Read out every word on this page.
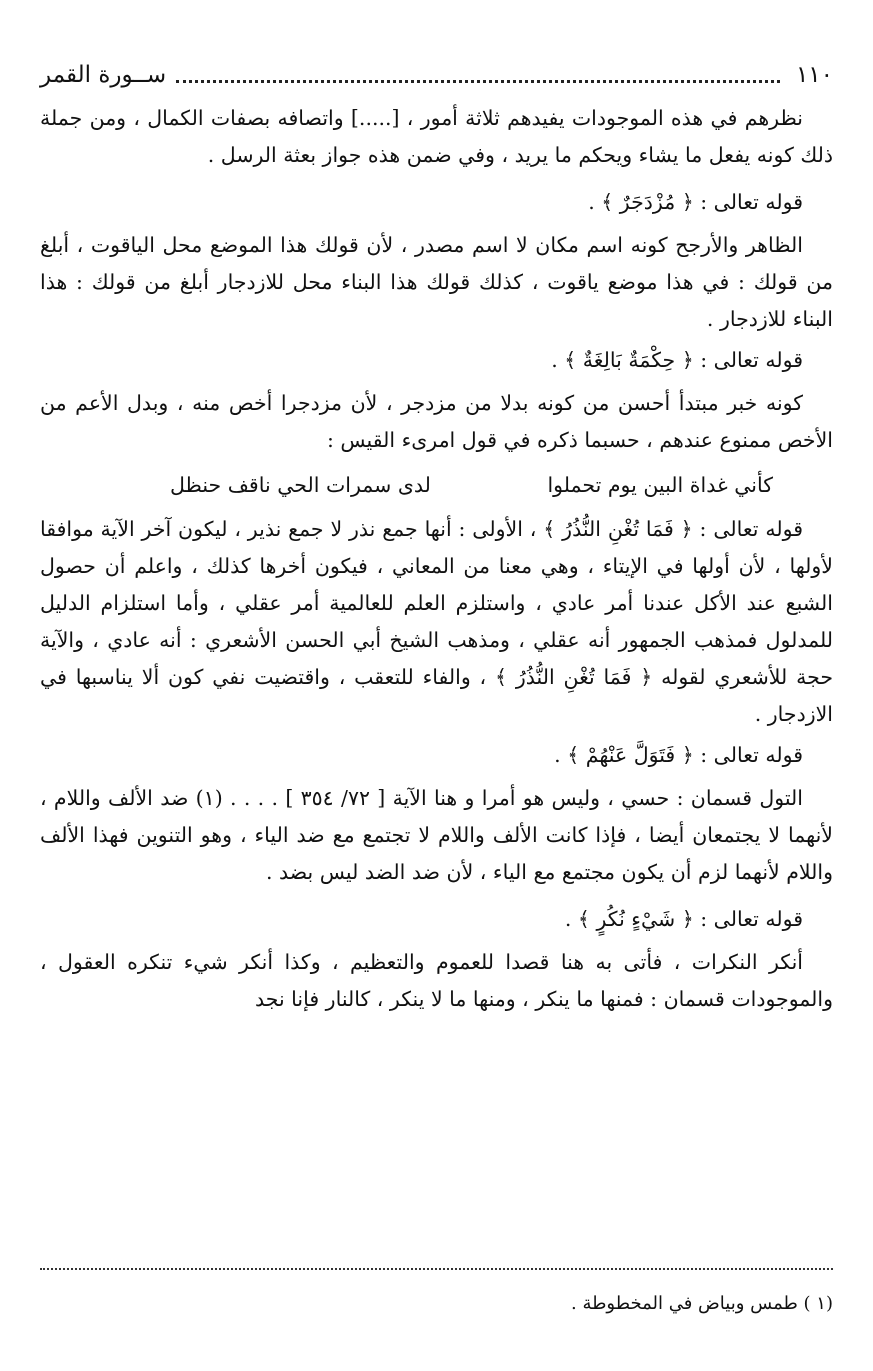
١١٠
ســورة القمر

نظرهم في هذه الموجودات يفيدهم ثلاثة أمور ، [.....] واتصافه بصفات الكمال ، ومن جملة ذلك كونه يفعل ما يشاء ويحكم ما يريد ، وفي ضمن هذه جواز بعثة الرسل .

قوله تعالى : ﴿ مُزْدَجَرٌ ﴾ .

الظاهر والأرجح كونه اسم مكان لا اسم مصدر ، لأن قولك هذا الموضع محل الياقوت ، أبلغ من قولك : في هذا موضع ياقوت ، كذلك قولك هذا البناء محل للازدجار أبلغ من قولك : هذا البناء للازدجار .

قوله تعالى : ﴿ حِكْمَةٌ بَالِغَةٌ ﴾ .

كونه خبر مبتدأ أحسن من كونه بدلا من مزدجر ، لأن مزدجرا أخص منه ، وبدل الأعم من الأخص ممنوع عندهم ، حسبما ذكره في قول امرىء القيس :

كأني غداة البين يوم تحملوا
لدى سمرات الحي ناقف حنظل

قوله تعالى : ﴿ فَمَا تُغْنِ النُّذُرُ ﴾ ، الأولى : أنها جمع نذر لا جمع نذير ، ليكون آخر الآية موافقا لأولها ، لأن أولها في الإيتاء ، وهي معنا من المعاني ، فيكون أخرها كذلك ، واعلم أن حصول الشبع عند الأكل عندنا أمر عادي ، واستلزم العلم للعالمية أمر عقلي ، وأما استلزام الدليل للمدلول فمذهب الجمهور أنه عقلي ، ومذهب الشيخ أبي الحسن الأشعري : أنه عادي ، والآية حجة للأشعري لقوله ﴿ فَمَا تُغْنِ النُّذُرُ ﴾ ، والفاء للتعقب ، واقتضيت نفي كون ألا يناسبها في الازدجار .

قوله تعالى : ﴿ فَتَوَلَّ عَنْهُمْ ﴾ .

التول قسمان : حسي ، وليس هو أمرا و هنا الآية [ ٧٢/ ٣٥٤ ] . . . . (١) ضد الألف واللام ، لأنهما لا يجتمعان أيضا ، فإذا كانت الألف واللام لا تجتمع مع ضد الياء ، وهو التنوين فهذا الألف واللام لأنهما لزم أن يكون مجتمع مع الياء ، لأن ضد الضد ليس بضد .

قوله تعالى : ﴿ شَيْءٍ نُكُرٍ ﴾ .

أنكر النكرات ، فأتى به هنا قصدا للعموم والتعظيم ، وكذا أنكر شيء تنكره العقول ، والموجودات قسمان : فمنها ما ينكر ، ومنها ما لا ينكر ، كالنار فإنا نجد

(١ ) طمس وبياض في المخطوطة .
